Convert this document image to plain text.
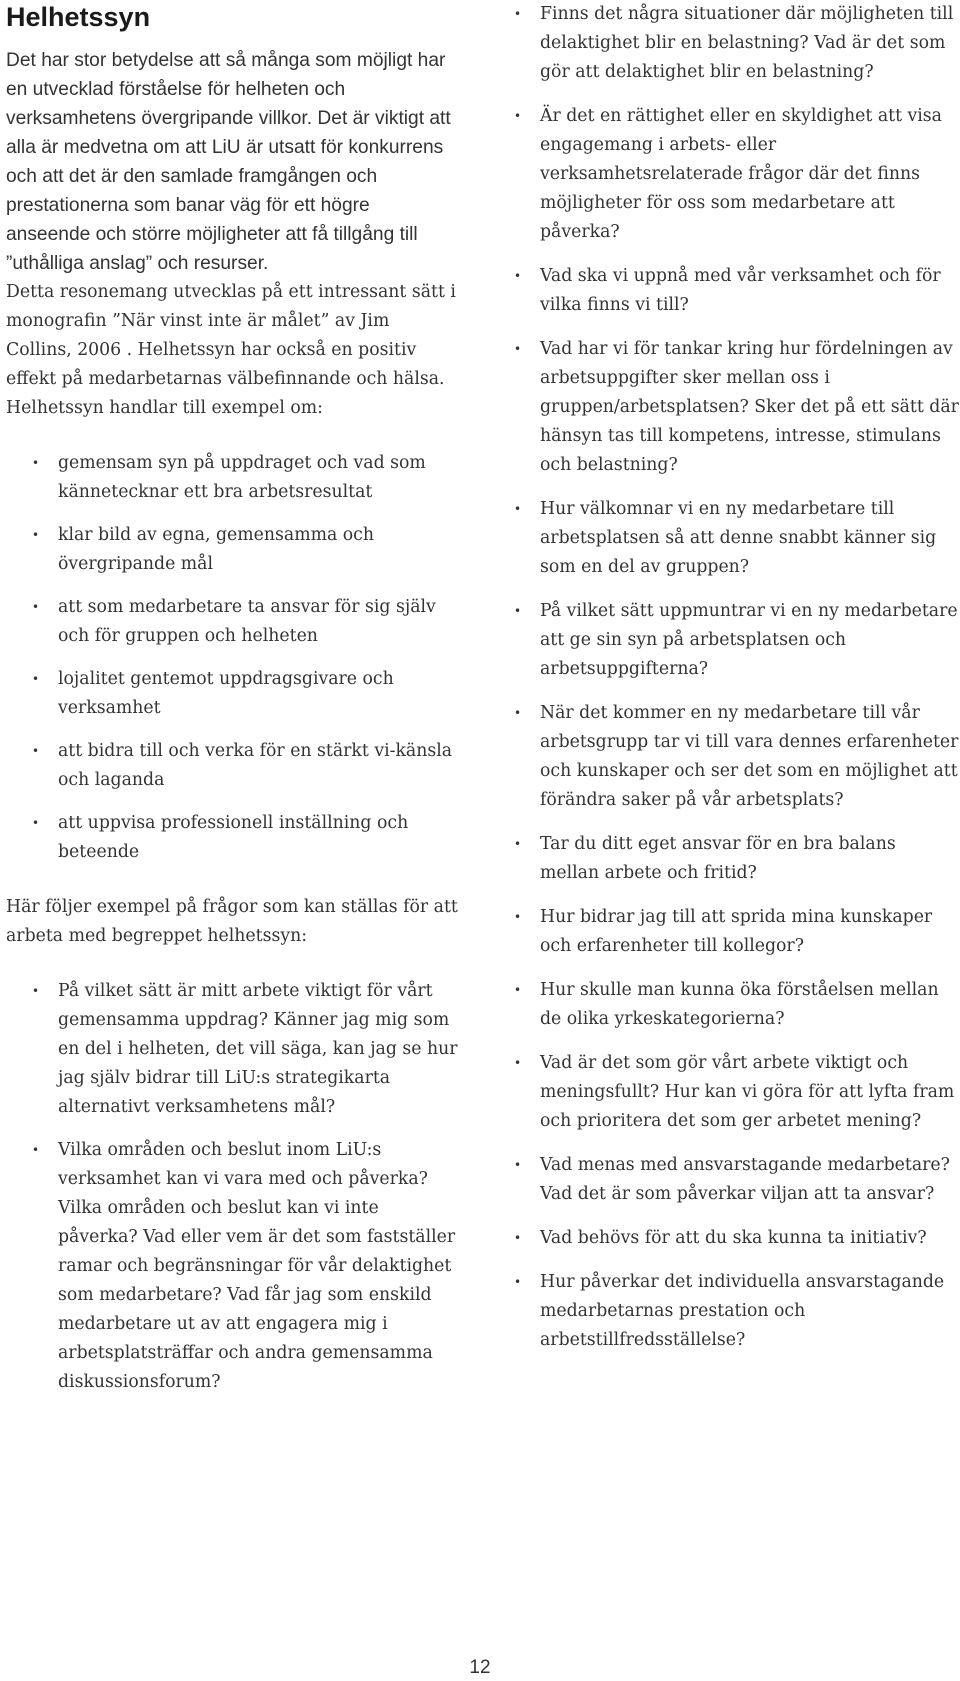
Helhetssyn

Det har stor betydelse att så många som möjligt har en utvecklad förståelse för helheten och verksamhetens övergripande villkor. Det är viktigt att alla är medvetna om att LiU är utsatt för konkurrens och att det är den samlade framgången och prestationerna som banar väg för ett högre anseende och större möjligheter att få tillgång till ”uthålliga anslag” och resurser.

Detta resonemang utvecklas på ett intressant sätt i monografin ”När vinst inte är målet” av Jim Collins, 2006 . Helhetssyn har också en positiv effekt på medarbetarnas välbefinnande och hälsa. Helhetssyn handlar till exempel om:

• gemensam syn på uppdraget och vad som kännetecknar ett bra arbetsresultat
• klar bild av egna, gemensamma och övergripande mål
• att som medarbetare ta ansvar för sig själv och för gruppen och helheten
• lojalitet gentemot uppdragsgivare och verksamhet
• att bidra till och verka för en stärkt vi-känsla och laganda
• att uppvisa professionell inställning och beteende

Här följer exempel på frågor som kan ställas för att arbeta med begreppet helhetssyn:

• På vilket sätt är mitt arbete viktigt för vårt gemensamma uppdrag? Känner jag mig som en del i helheten, det vill säga, kan jag se hur jag själv bidrar till LiU:s strategikarta alternativt verksamhetens mål?
• Vilka områden och beslut inom LiU:s verksamhet kan vi vara med och påverka? Vilka områden och beslut kan vi inte påverka? Vad eller vem är det som fastställer ramar och begränsningar för vår delaktighet som medarbetare? Vad får jag som enskild medarbetare ut av att engagera mig i arbetsplatsträffar och andra gemensamma diskussionsforum?
• Finns det några situationer där möjligheten till delaktighet blir en belastning? Vad är det som gör att delaktighet blir en belastning?
• Är det en rättighet eller en skyldighet att visa engagemang i arbets- eller verksamhetsrelaterade frågor där det finns möjligheter för oss som medarbetare att påverka?
• Vad ska vi uppnå med vår verksamhet och för vilka finns vi till?
• Vad har vi för tankar kring hur fördelningen av arbetsuppgifter sker mellan oss i gruppen/arbetsplatsen? Sker det på ett sätt där hänsyn tas till kompetens, intresse, stimulans och belastning?
• Hur välkomnar vi en ny medarbetare till arbetsplatsen så att denne snabbt känner sig som en del av gruppen?
• På vilket sätt uppmuntrar vi en ny medarbetare att ge sin syn på arbetsplatsen och arbetsuppgifterna?
• När det kommer en ny medarbetare till vår arbetsgrupp tar vi till vara dennes erfarenheter och kunskaper och ser det som en möjlighet att förändra saker på vår arbetsplats?
• Tar du ditt eget ansvar för en bra balans mellan arbete och fritid?
• Hur bidrar jag till att sprida mina kunskaper och erfarenheter till kollegor?
• Hur skulle man kunna öka förståelsen mellan de olika yrkeskategorierna?
• Vad är det som gör vårt arbete viktigt och meningsfullt? Hur kan vi göra för att lyfta fram och prioritera det som ger arbetet mening?
• Vad menas med ansvarstagande medarbetare? Vad det är som påverkar viljan att ta ansvar?
• Vad behövs för att du ska kunna ta initiativ?
• Hur påverkar det individuella ansvarstagande medarbetarnas prestation och arbetstillfredsställelse?
12
